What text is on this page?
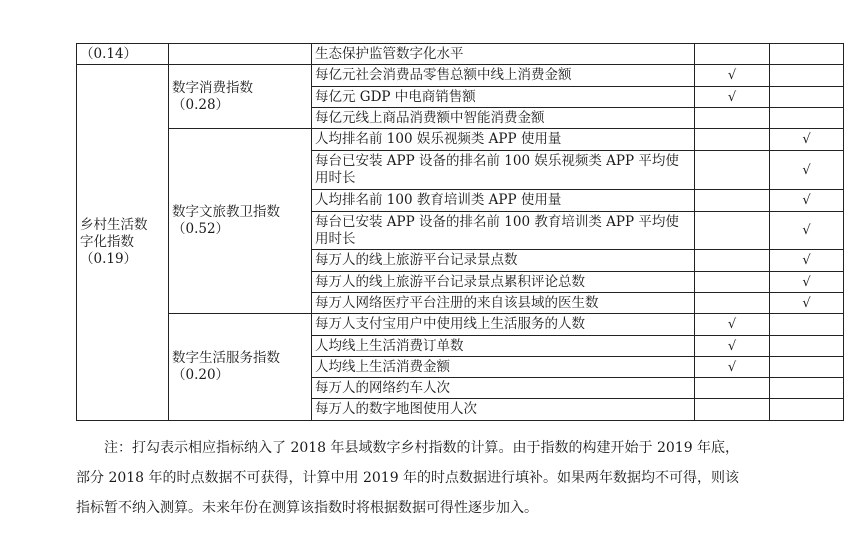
（0.14）		生态保护监管数字化水平		

乡村生活数
字化指数
（0.19）	数字消费指数
（0.28）	每亿元社会消费品零售总额中线上消费金额	√	
		每亿元 GDP 中电商销售额	√	
		每亿元线上商品消费额中智能消费金额		

	数字文旅教卫指数
（0.52）	人均排名前 100 娱乐视频类 APP 使用量		√
		每台已安装 APP 设备的排名前 100 娱乐视频类 APP 平均使用时长		√
		人均排名前 100 教育培训类 APP 使用量		√
		每台已安装 APP 设备的排名前 100 教育培训类 APP 平均使用时长		√
		每万人的线上旅游平台记录景点数		√
		每万人的线上旅游平台记录景点累积评论总数		√
		每万人网络医疗平台注册的来自该县域的医生数		√

	数字生活服务指数
（0.20）	每万人支付宝用户中使用线上生活服务的人数	√	
		人均线上生活消费订单数	√	
		人均线上生活消费金额	√	
		每万人的网络约车人次		
		每万人的数字地图使用人次		

注：打勾表示相应指标纳入了 2018 年县域数字乡村指数的计算。由于指数的构建开始于 2019 年底，
部分 2018 年的时点数据不可获得，计算中用 2019 年的时点数据进行填补。如果两年数据均不可得，则该
指标暂不纳入测算。未来年份在测算该指数时将根据数据可得性逐步加入。
